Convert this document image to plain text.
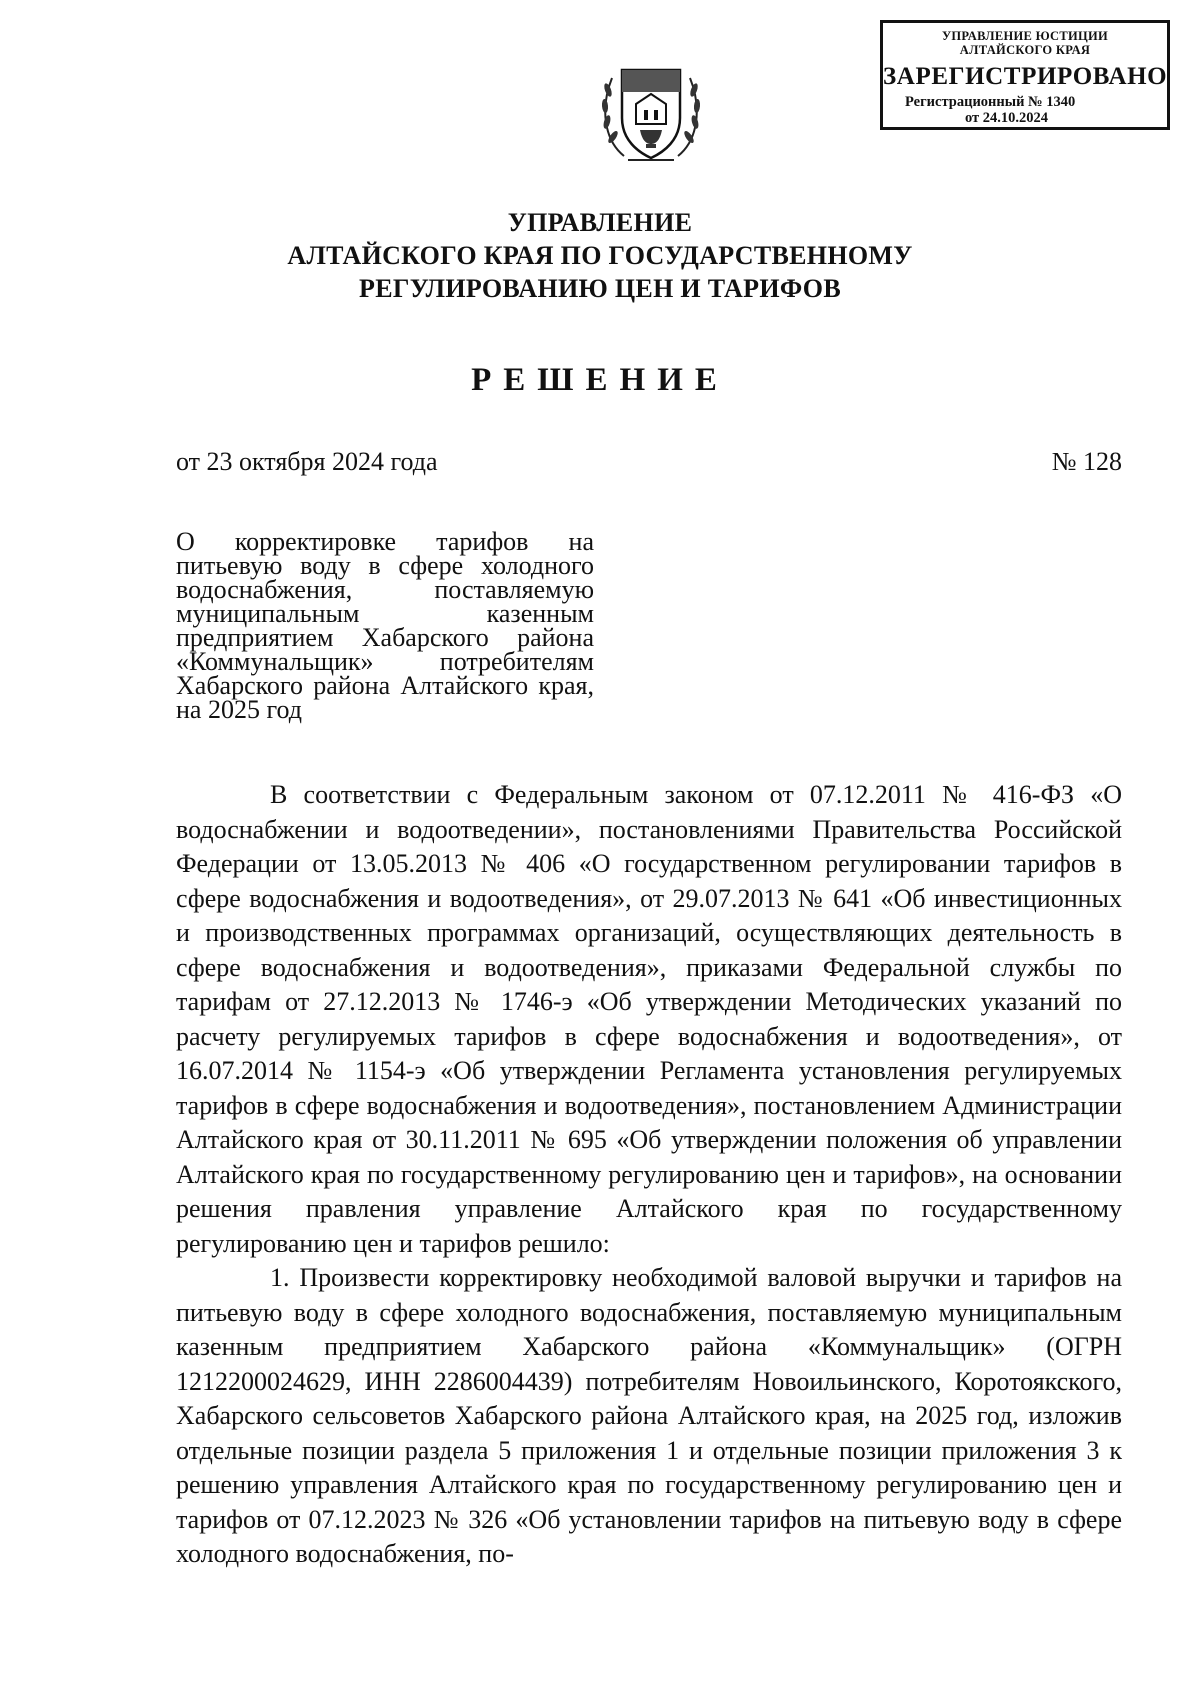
УПРАВЛЕНИЕ ЮСТИЦИИ
АЛТАЙСКОГО КРАЯ
ЗАРЕГИСТРИРОВАНО
Регистрационный № 1340
от 24.10.2024
УПРАВЛЕНИЕ
АЛТАЙСКОГО КРАЯ ПО ГОСУДАРСТВЕННОМУ
РЕГУЛИРОВАНИЮ ЦЕН И ТАРИФОВ
РЕШЕНИЕ
от 23 октября 2024 года	№ 128
О корректировке тарифов на питьевую воду в сфере холодного водоснабжения, поставляемую муниципальным казенным предприятием Хабарского района «Коммунальщик» потребителям Хабарского района Алтайского края, на 2025 год

В соответствии с Федеральным законом от 07.12.2011 № 416-ФЗ «О водоснабжении и водоотведении», постановлениями Правительства Российской Федерации от 13.05.2013 № 406 «О государственном регулировании тарифов в сфере водоснабжения и водоотведения», от 29.07.2013 № 641 «Об инвестиционных и производственных программах организаций, осуществляющих деятельность в сфере водоснабжения и водоотведения», приказами Федеральной службы по тарифам от 27.12.2013 № 1746-э «Об утверждении Методических указаний по расчету регулируемых тарифов в сфере водоснабжения и водоотведения», от 16.07.2014 № 1154-э «Об утверждении Регламента установления регулируемых тарифов в сфере водоснабжения и водоотведения», постановлением Администрации Алтайского края от 30.11.2011 № 695 «Об утверждении положения об управлении Алтайского края по государственному регулированию цен и тарифов», на основании решения правления управление Алтайского края по государственному регулированию цен и тарифов решило:

1. Произвести корректировку необходимой валовой выручки и тарифов на питьевую воду в сфере холодного водоснабжения, поставляемую муниципальным казенным предприятием Хабарского района «Коммунальщик» (ОГРН 1212200024629, ИНН 2286004439) потребителям Новоильинского, Коротоякского, Хабарского сельсоветов Хабарского района Алтайского края, на 2025 год, изложив отдельные позиции раздела 5 приложения 1 и отдельные позиции приложения 3 к решению управления Алтайского края по государственному регулированию цен и тарифов от 07.12.2023 № 326 «Об установлении тарифов на питьевую воду в сфере холодного водоснабжения, по-
